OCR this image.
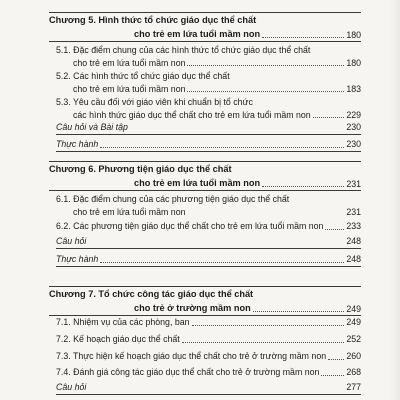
Chương 5. Hình thức tổ chức giáo dục thể chất
cho trẻ em lứa tuổi mầm non	180
5.1. Đặc điểm chung của các hình thức tổ chức giáo dục thể chất
cho trẻ em lứa tuổi mầm non	180
5.2. Các hình thức tổ chức giáo dục thể chất
cho trẻ em lứa tuổi mầm non	183
5.3. Yêu cầu đối với giáo viên khi chuẩn bị tổ chức
các hình thức giáo dục thể chất cho trẻ em lứa tuổi mầm non	229
Câu hỏi và Bài tập	230
Thực hành	230
Chương 6. Phương tiện giáo dục thể chất
cho trẻ em lứa tuổi mầm non	231
6.1. Đặc điểm chung của các phương tiện giáo dục thể chất
cho trẻ em lứa tuổi mầm non	231
6.2. Các phương tiện giáo dục thể chất cho trẻ em lứa tuổi mầm non	233
Câu hỏi	248
Thực hành	248
Chương 7. Tổ chức công tác giáo dục thể chất
cho trẻ ở trường mầm non	249
7.1. Nhiệm vụ của các phòng, ban	249
7.2. Kế hoạch giáo dục thể chất	252
7.3. Thực hiện kế hoạch giáo dục thể chất cho trẻ ở trường mầm non 260
7.4. Đánh giá công tác giáo dục thể chất cho trẻ ở trường mầm non	268
Câu hỏi	277
